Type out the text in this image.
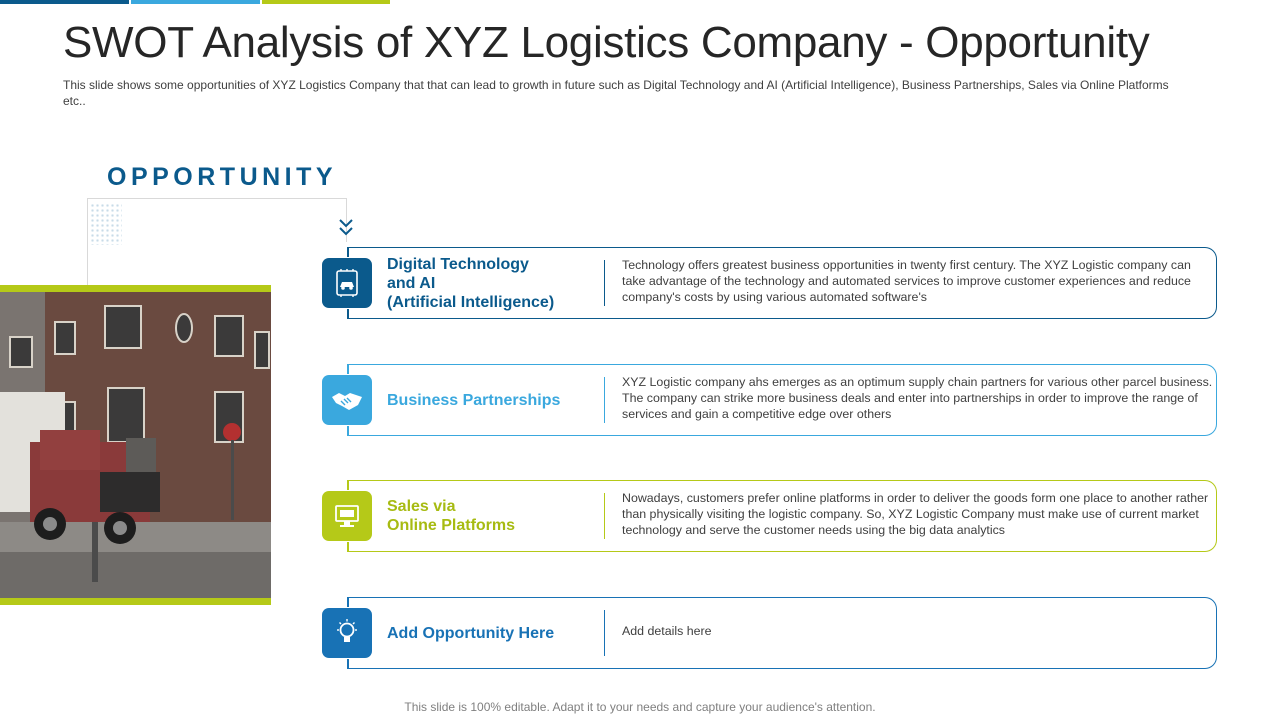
SWOT Analysis of XYZ Logistics Company - Opportunity
This slide shows some opportunities of XYZ Logistics Company that that can lead to growth in future such as Digital Technology and AI (Artificial Intelligence), Business Partnerships, Sales via Online Platforms etc..
OPPORTUNITY
Digital Technology
and AI
(Artificial Intelligence)
Technology offers greatest business opportunities in twenty first century. The XYZ Logistic company can take advantage of the technology and automated services to improve customer experiences and reduce company's costs by using various automated software's
Business Partnerships
XYZ Logistic company ahs emerges as an optimum supply chain partners for various other parcel business. The company can strike more business deals and enter into partnerships in order to improve the range of services and gain a competitive edge over others
Sales via
Online Platforms
Nowadays, customers prefer online platforms in order to deliver the goods form one place to another rather than physically visiting the logistic company. So, XYZ Logistic Company must make use of current market technology and serve the customer needs using the big data analytics
Add Opportunity Here	Add details here
This slide is 100% editable. Adapt it to your needs and capture your audience's attention.
